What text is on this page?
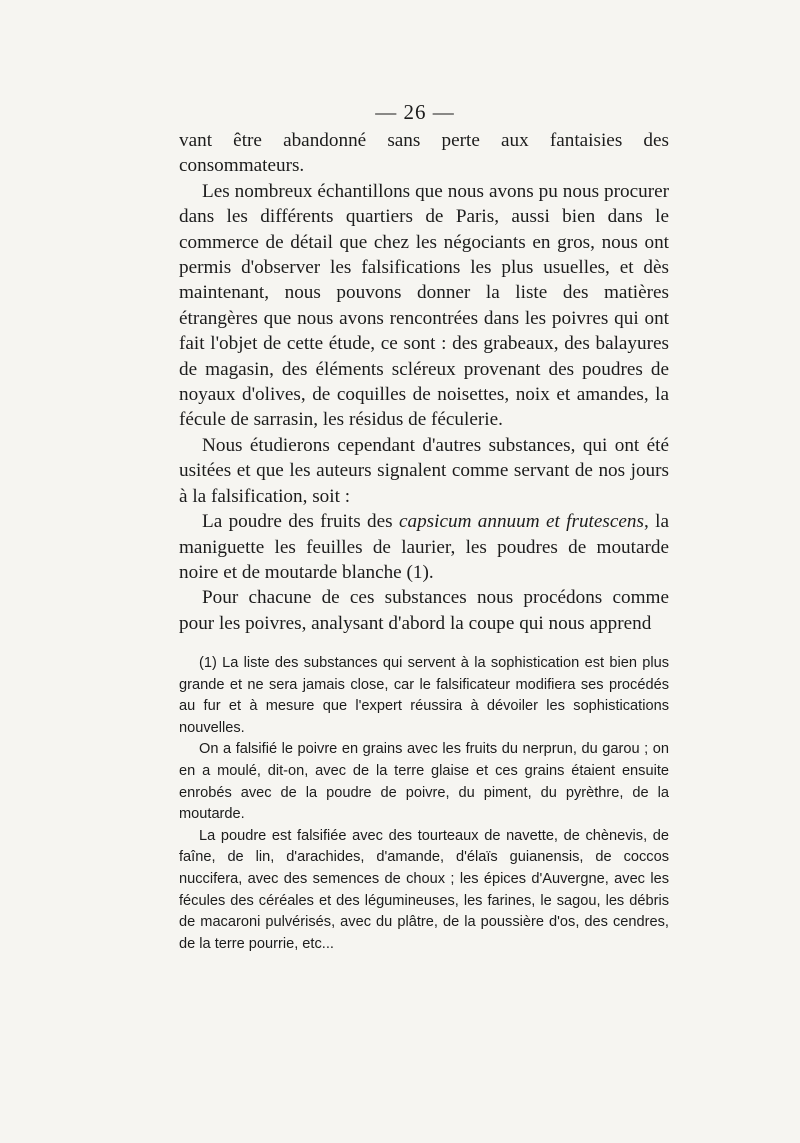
— 26 —

vant être abandonné sans perte aux fantaisies des consommateurs.

Les nombreux échantillons que nous avons pu nous procurer dans les différents quartiers de Paris, aussi bien dans le commerce de détail que chez les négociants en gros, nous ont permis d'observer les falsifications les plus usuelles, et dès maintenant, nous pouvons donner la liste des matières étrangères que nous avons rencontrées dans les poivres qui ont fait l'objet de cette étude, ce sont : des grabeaux, des balayures de magasin, des éléments scléreux provenant des poudres de noyaux d'olives, de coquilles de noisettes, noix et amandes, la fécule de sarrasin, les résidus de féculerie.

Nous étudierons cependant d'autres substances, qui ont été usitées et que les auteurs signalent comme servant de nos jours à la falsification, soit :

La poudre des fruits des capsicum annuum et frutescens, la maniguette les feuilles de laurier, les poudres de moutarde noire et de moutarde blanche (1).

Pour chacune de ces substances nous procédons comme pour les poivres, analysant d'abord la coupe qui nous apprend

(1) La liste des substances qui servent à la sophistication est bien plus grande et ne sera jamais close, car le falsificateur modifiera ses procédés au fur et à mesure que l'expert réussira à dévoiler les sophistications nouvelles.

On a falsifié le poivre en grains avec les fruits du nerprun, du garou ; on en a moulé, dit-on, avec de la terre glaise et ces grains étaient ensuite enrobés avec de la poudre de poivre, du piment, du pyrèthre, de la moutarde.

La poudre est falsifiée avec des tourteaux de navette, de chènevis, de faîne, de lin, d'arachides, d'amande, d'élaïs guianensis, de coccos nuccifera, avec des semences de choux ; les épices d'Auvergne, avec les fécules des céréales et des légumineuses, les farines, le sagou, les débris de macaroni pulvérisés, avec du plâtre, de la poussière d'os, des cendres, de la terre pourrie, etc...
